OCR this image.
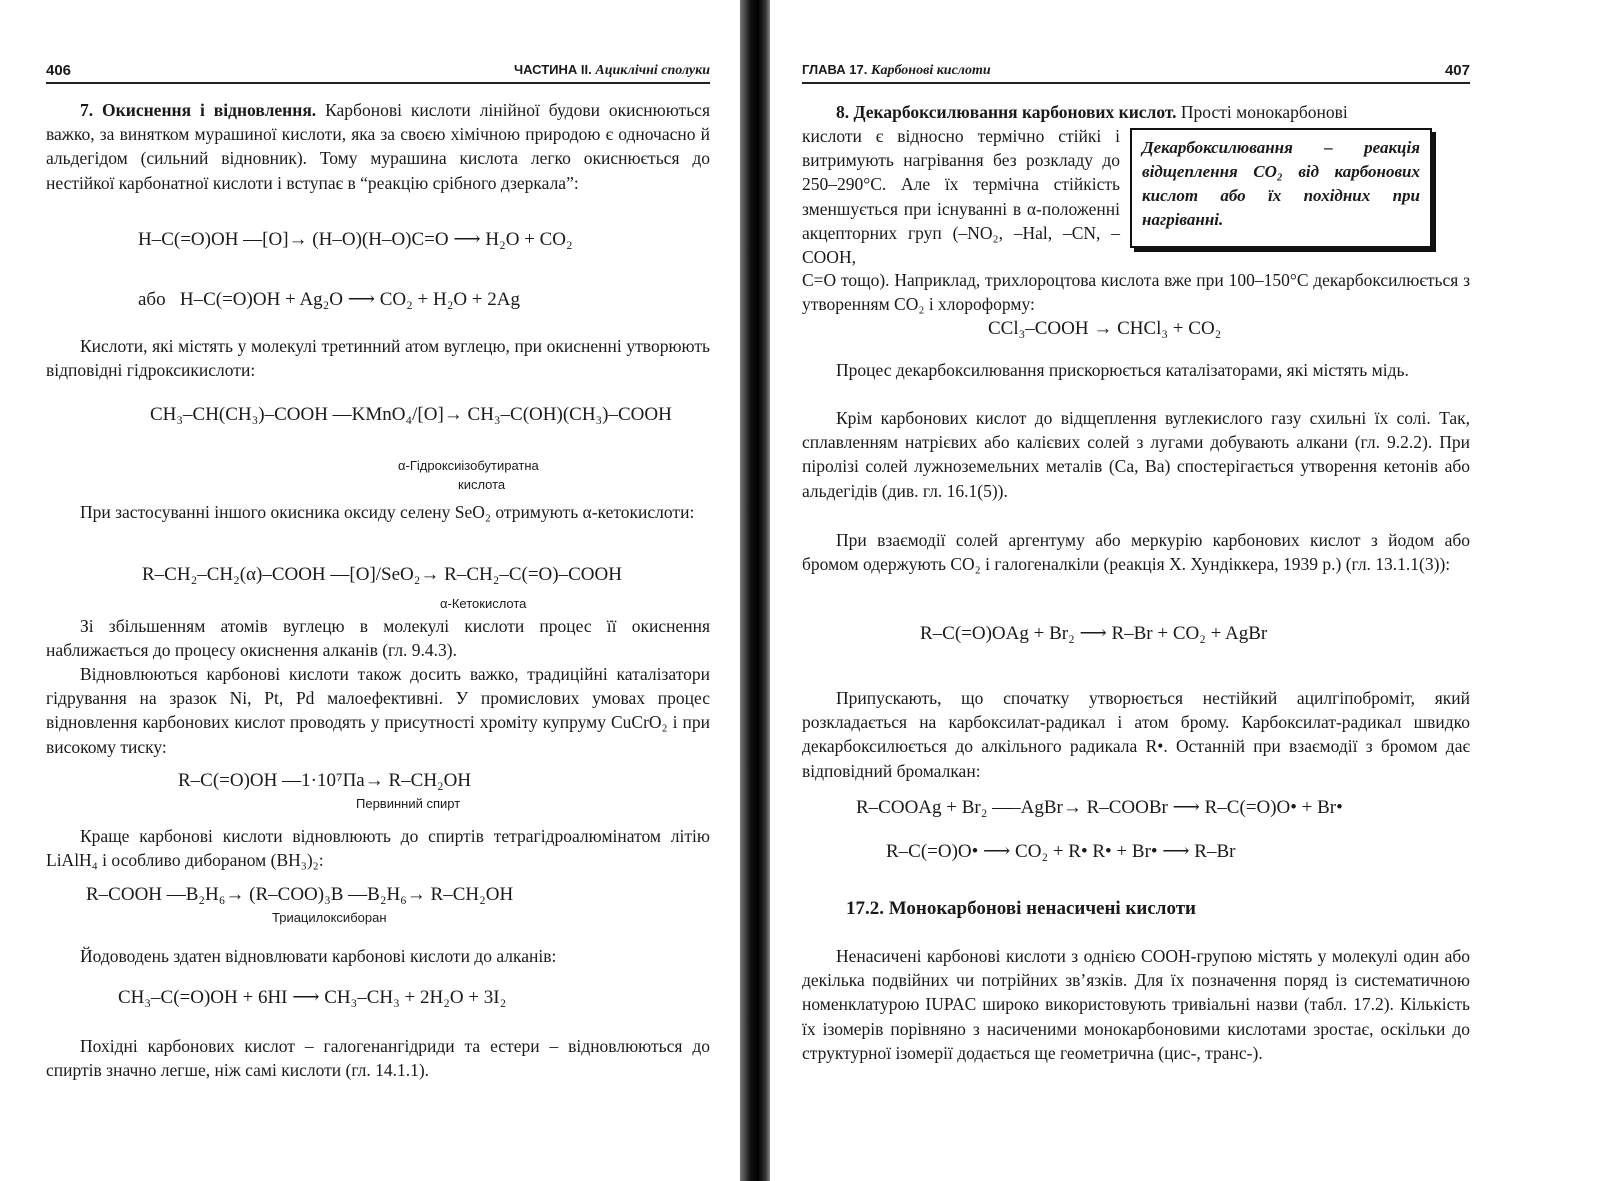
406	ЧАСТИНА II. Ациклічні сполуки

7. Окиснення і відновлення. Карбонові кислоти лінійної будови окиснюються важко, за винятком мурашиної кислоти, яка за своєю хімічною природою є одночасно й альдегідом (сильний відновник). Тому мурашина кислота легко окиснюється до нестійкої карбонатної кислоти і вступає в “реакцію срібного дзеркала”:

H–C(=O)OH —[O]→ (H–O)(H–O)C=O ⟶ H₂O + CO₂
або H–C(=O)OH + Ag₂O ⟶ CO₂ + H₂O + 2Ag

Кислоти, які містять у молекулі третинний атом вуглецю, при окисненні утворюють відповідні гідроксикислоти:

CH₃–CH(CH₃)–COOH —KMnO₄/[O]→ CH₃–C(OH)(CH₃)–COOH
α-Гідроксиізобутиратна
кислота

При застосуванні іншого окисника оксиду селену SeO₂ отримують α-кетокислоти:

R–CH₂–CH₂(α)–COOH —[O]/SeO₂→ R–CH₂–C(=O)–COOH
α-Кетокислота

Зі збільшенням атомів вуглецю в молекулі кислоти процес її окиснення наближається до процесу окиснення алканів (гл. 9.4.3).

Відновлюються карбонові кислоти також досить важко, традиційні каталізатори гідрування на зразок Ni, Pt, Pd малоефективні. У промислових умовах процес відновлення карбонових кислот проводять у присутності хроміту купруму CuCrO₂ і при високому тиску:

R–C(=O)OH —1·10⁷Па→ R–CH₂OH
Первинний спирт

Краще карбонові кислоти відновлюють до спиртів тетрагідроалюмінатом літію LiAlH₄ і особливо дибораном (BH₃)₂:

R–COOH —B₂H₆→ (R–COO)₃B —B₂H₆→ R–CH₂OH
Триацилоксиборан

Йодоводень здатен відновлювати карбонові кислоти до алканів:

CH₃–C(=O)OH + 6HI ⟶ CH₃–CH₃ + 2H₂O + 3I₂

Похідні карбонових кислот – галогенангідриди та естери – відновлюються до спиртів значно легше, ніж самі кислоти (гл. 14.1.1).

ГЛАВА 17. Карбонові кислоти	407

8. Декарбоксилювання карбонових кислот. Прості монокарбонові

кислоти є відносно термічно стійкі і витримують нагрівання без розкладу до 250–290°С. Але їх термічна стійкість зменшується при існуванні в α-положенні акцепторних груп (–NO₂, –Hal, –CN, –COOH,

Декарбоксилювання – реакція відщеплення CO₂ від карбонових кислот або їх похідних при нагріванні.

C=O тощо). Наприклад, трихлороцтова кислота вже при 100–150°С декарбоксилюється з утворенням CO₂ і хлороформу:

CCl₃–COOH → CHCl₃ + CO₂

Процес декарбоксилювання прискорюється каталізаторами, які містять мідь.

Крім карбонових кислот до відщеплення вуглекислого газу схильні їх солі. Так, сплавленням натрієвих або калієвих солей з лугами добувають алкани (гл. 9.2.2). При піролізі солей лужноземельних металів (Ca, Ba) спостерігається утворення кетонів або альдегідів (див. гл. 16.1(5)).

При взаємодії солей аргентуму або меркурію карбонових кислот з йодом або бромом одержують CO₂ і галогеналкіли (реакція Х. Хундіккера, 1939 р.) (гл. 13.1.1(3)):

R–C(=O)OAg + Br₂ ⟶ R–Br + CO₂ + AgBr

Припускають, що спочатку утворюється нестійкий ацилгіпоброміт, який розкладається на карбоксилат-радикал і атом брому. Карбоксилат-радикал швидко декарбоксилюється до алкільного радикала R•. Останній при взаємодії з бромом дає відповідний бромалкан:

R–COOAg + Br₂ —–AgBr→ R–COOBr ⟶ R–C(=O)O• + Br•
R–C(=O)O• ⟶ CO₂ + R• R• + Br• ⟶ R–Br
17.2. Монокарбонові ненасичені кислоти

Ненасичені карбонові кислоти з однією COOH-групою містять у молекулі один або декілька подвійних чи потрійних зв’язків. Для їх позначення поряд із систематичною номенклатурою IUPAC широко використовують тривіальні назви (табл. 17.2). Кількість їх ізомерів порівняно з насиченими монокарбоновими кислотами зростає, оскільки до структурної ізомерії додається ще геометрична (цис-, транс-).
